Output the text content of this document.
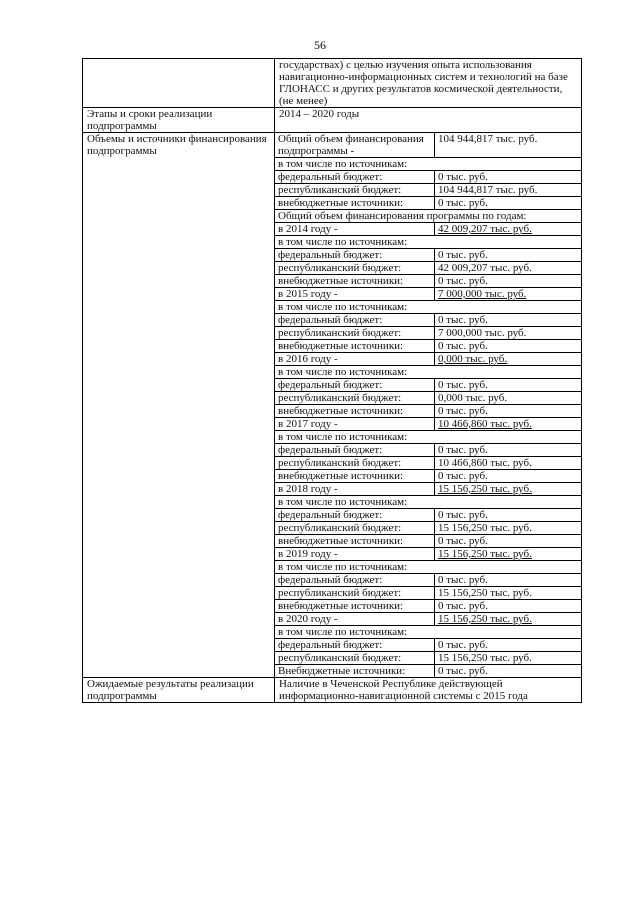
56
	государствах) с целью изучения опыта использования навигационно-информационных систем и технологий на базе ГЛОНАСС и других результатов космической деятельности, (не менее)
Этапы и сроки реализации подпрограммы	2014 – 2020 годы
Объемы и источники финансирования подпрограммы	
Общий объем финансирования подпрограммы -	104 944,817 тыс. руб.
в том числе по источникам:
федеральный бюджет:	0 тыс. руб.
республиканский бюджет:	104 944,817 тыс. руб.
внебюджетные источники:	0 тыс. руб.
Общий объем финансирования программы по годам:
в 2014 году -	42 009,207 тыс. руб.
в том числе по источникам:
федеральный бюджет:	0 тыс. руб.
республиканский бюджет:	42 009,207 тыс. руб.
внебюджетные источники:	0 тыс. руб.
в 2015 году -	7 000,000 тыс. руб.
в том числе по источникам:
федеральный бюджет:	0 тыс. руб.
республиканский бюджет:	7 000,000 тыс. руб.
внебюджетные источники:	0 тыс. руб.
в 2016 году -	0,000 тыс. руб.
в том числе по источникам:
федеральный бюджет:	0 тыс. руб.
республиканский бюджет:	0,000 тыс. руб.
внебюджетные источники:	0 тыс. руб.
в 2017 году -	10 466,860 тыс. руб.
в том числе по источникам:
федеральный бюджет:	0 тыс. руб.
республиканский бюджет:	10 466,860 тыс. руб.
внебюджетные источники:	0 тыс. руб.
в 2018 году -	15 156,250 тыс. руб.
в том числе по источникам:
федеральный бюджет:	0 тыс. руб.
республиканский бюджет:	15 156,250 тыс. руб.
внебюджетные источники:	0 тыс. руб.
в 2019 году -	15 156,250 тыс. руб.
в том числе по источникам:
федеральный бюджет:	0 тыс. руб.
республиканский бюджет:	15 156,250 тыс. руб.
внебюджетные источники:	0 тыс. руб.
в 2020 году -	15 156,250 тыс. руб.
в том числе по источникам:
федеральный бюджет:	0 тыс. руб.
республиканский бюджет:	15 156,250 тыс. руб.
Внебюджетные источники:	0 тыс. руб.

Ожидаемые результаты реализации подпрограммы	Наличие в Чеченской Республике действующей информационно-навигационной системы с 2015 года
